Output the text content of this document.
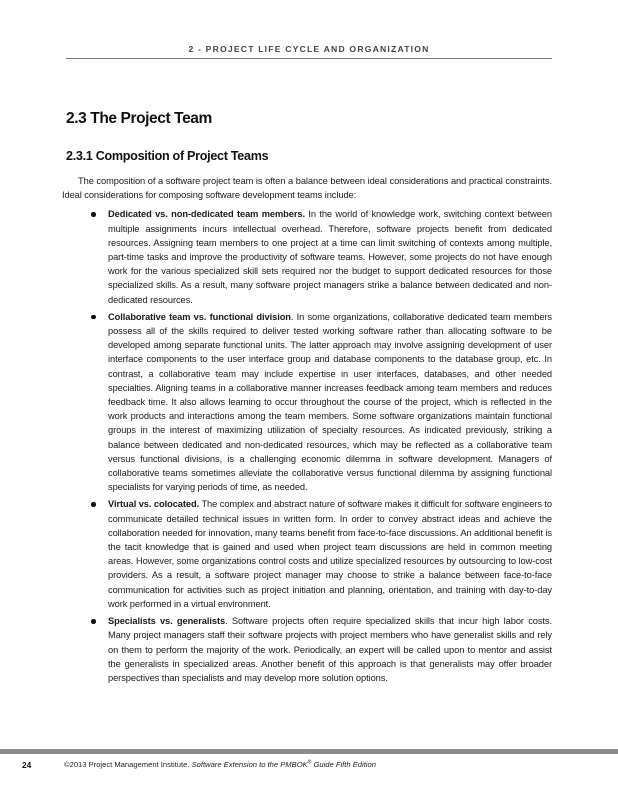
2 - PROJECT LIFE CYCLE AND ORGANIZATION
2.3 The Project Team
2.3.1 Composition of Project Teams

The composition of a software project team is often a balance between ideal considerations and practical constraints. Ideal considerations for composing software development teams include:

Dedicated vs. non-dedicated team members. In the world of knowledge work, switching context between multiple assignments incurs intellectual overhead. Therefore, software projects benefit from dedicated resources. Assigning team members to one project at a time can limit switching of contexts among multiple, part-time tasks and improve the productivity of software teams. However, some projects do not have enough work for the various specialized skill sets required nor the budget to support dedicated resources for those specialized skills. As a result, many software project managers strike a balance between dedicated and non-dedicated resources.
Collaborative team vs. functional division. In some organizations, collaborative dedicated team members possess all of the skills required to deliver tested working software rather than allocating software to be developed among separate functional units. The latter approach may involve assigning development of user interface components to the user interface group and database components to the database group, etc. In contrast, a collaborative team may include expertise in user interfaces, databases, and other needed specialties. Aligning teams in a collaborative manner increases feedback among team members and reduces feedback time. It also allows learning to occur throughout the course of the project, which is reflected in the work products and interactions among the team members. Some software organizations maintain functional groups in the interest of maximizing utilization of specialty resources. As indicated previously, striking a balance between dedicated and non-dedicated resources, which may be reflected as a collaborative team versus functional divisions, is a challenging economic dilemma in software development. Managers of collaborative teams sometimes alleviate the collaborative versus functional dilemma by assigning functional specialists for varying periods of time, as needed.
Virtual vs. colocated. The complex and abstract nature of software makes it difficult for software engineers to communicate detailed technical issues in written form. In order to convey abstract ideas and achieve the collaboration needed for innovation, many teams benefit from face-to-face discussions. An additional benefit is the tacit knowledge that is gained and used when project team discussions are held in common meeting areas. However, some organizations control costs and utilize specialized resources by outsourcing to low-cost providers. As a result, a software project manager may choose to strike a balance between face-to-face communication for activities such as project initiation and planning, orientation, and training with day-to-day work performed in a virtual environment.
Specialists vs. generalists. Software projects often require specialized skills that incur high labor costs. Many project managers staff their software projects with project members who have generalist skills and rely on them to perform the majority of the work. Periodically, an expert will be called upon to mentor and assist the generalists in specialized areas. Another benefit of this approach is that generalists may offer broader perspectives than specialists and may develop more solution options.
24	©2013 Project Management Institute. Software Extension to the PMBOK® Guide Fifth Edition
